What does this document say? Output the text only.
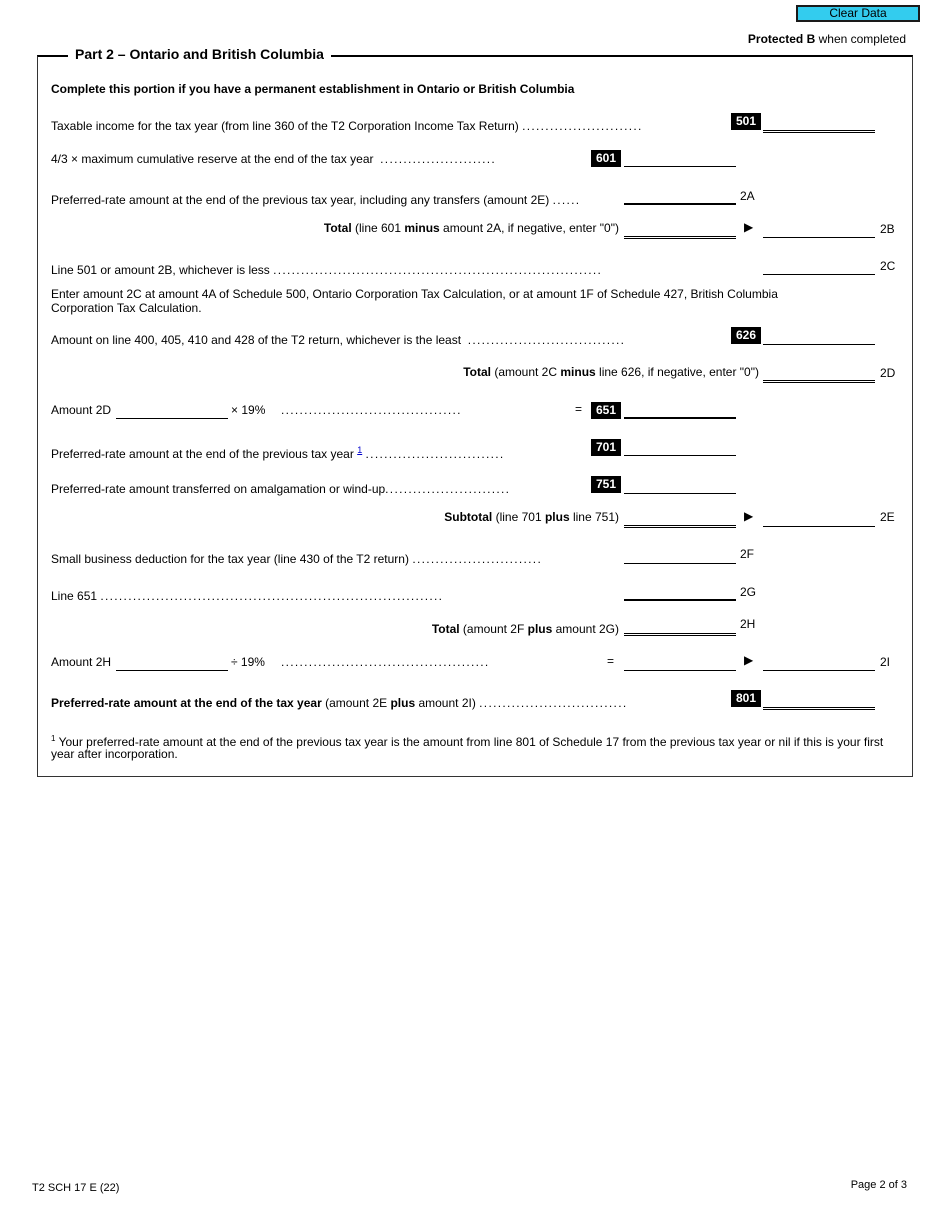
Clear Data
Protected B when completed
Part 2 – Ontario and British Columbia
Complete this portion if you have a permanent establishment in Ontario or British Columbia
Taxable income for the tax year (from line 360 of the T2 Corporation Income Tax Return) ..........................	501
4/3 × maximum cumulative reserve at the end of the tax year .........................	601
Preferred-rate amount at the end of the previous tax year, including any transfers (amount 2E) ......	2A
Total (line 601 minus amount 2A, if negative, enter "0")	▶	2B
Line 501 or amount 2B, whichever is less .......................................................................	2C
Enter amount 2C at amount 4A of Schedule 500, Ontario Corporation Tax Calculation, or at amount 1F of Schedule 427, British Columbia Corporation Tax Calculation.
Amount on line 400, 405, 410 and 428 of the T2 return, whichever is the least ..................................	626
Total (amount 2C minus line 626, if negative, enter "0")	2D
Amount 2D	× 19% .......................................	=	651
Preferred-rate amount at the end of the previous tax year $^1$ ..............................	701
Preferred-rate amount transferred on amalgamation or wind-up...........................	751
Subtotal (line 701 plus line 751)	▶	2E
Small business deduction for the tax year (line 430 of the T2 return) ............................	2F
Line 651 ..........................................................................	2G
Total (amount 2F plus amount 2G)	2H
Amount 2H	÷ 19% .............................................	=	▶	2I
Preferred-rate amount at the end of the tax year (amount 2E plus amount 2I) ................................	801
$^1$ Your preferred-rate amount at the end of the previous tax year is the amount from line 801 of Schedule 17 from the previous tax year or nil if this is your first year after incorporation.
T2 SCH 17 E (22)	Page 2 of 3
